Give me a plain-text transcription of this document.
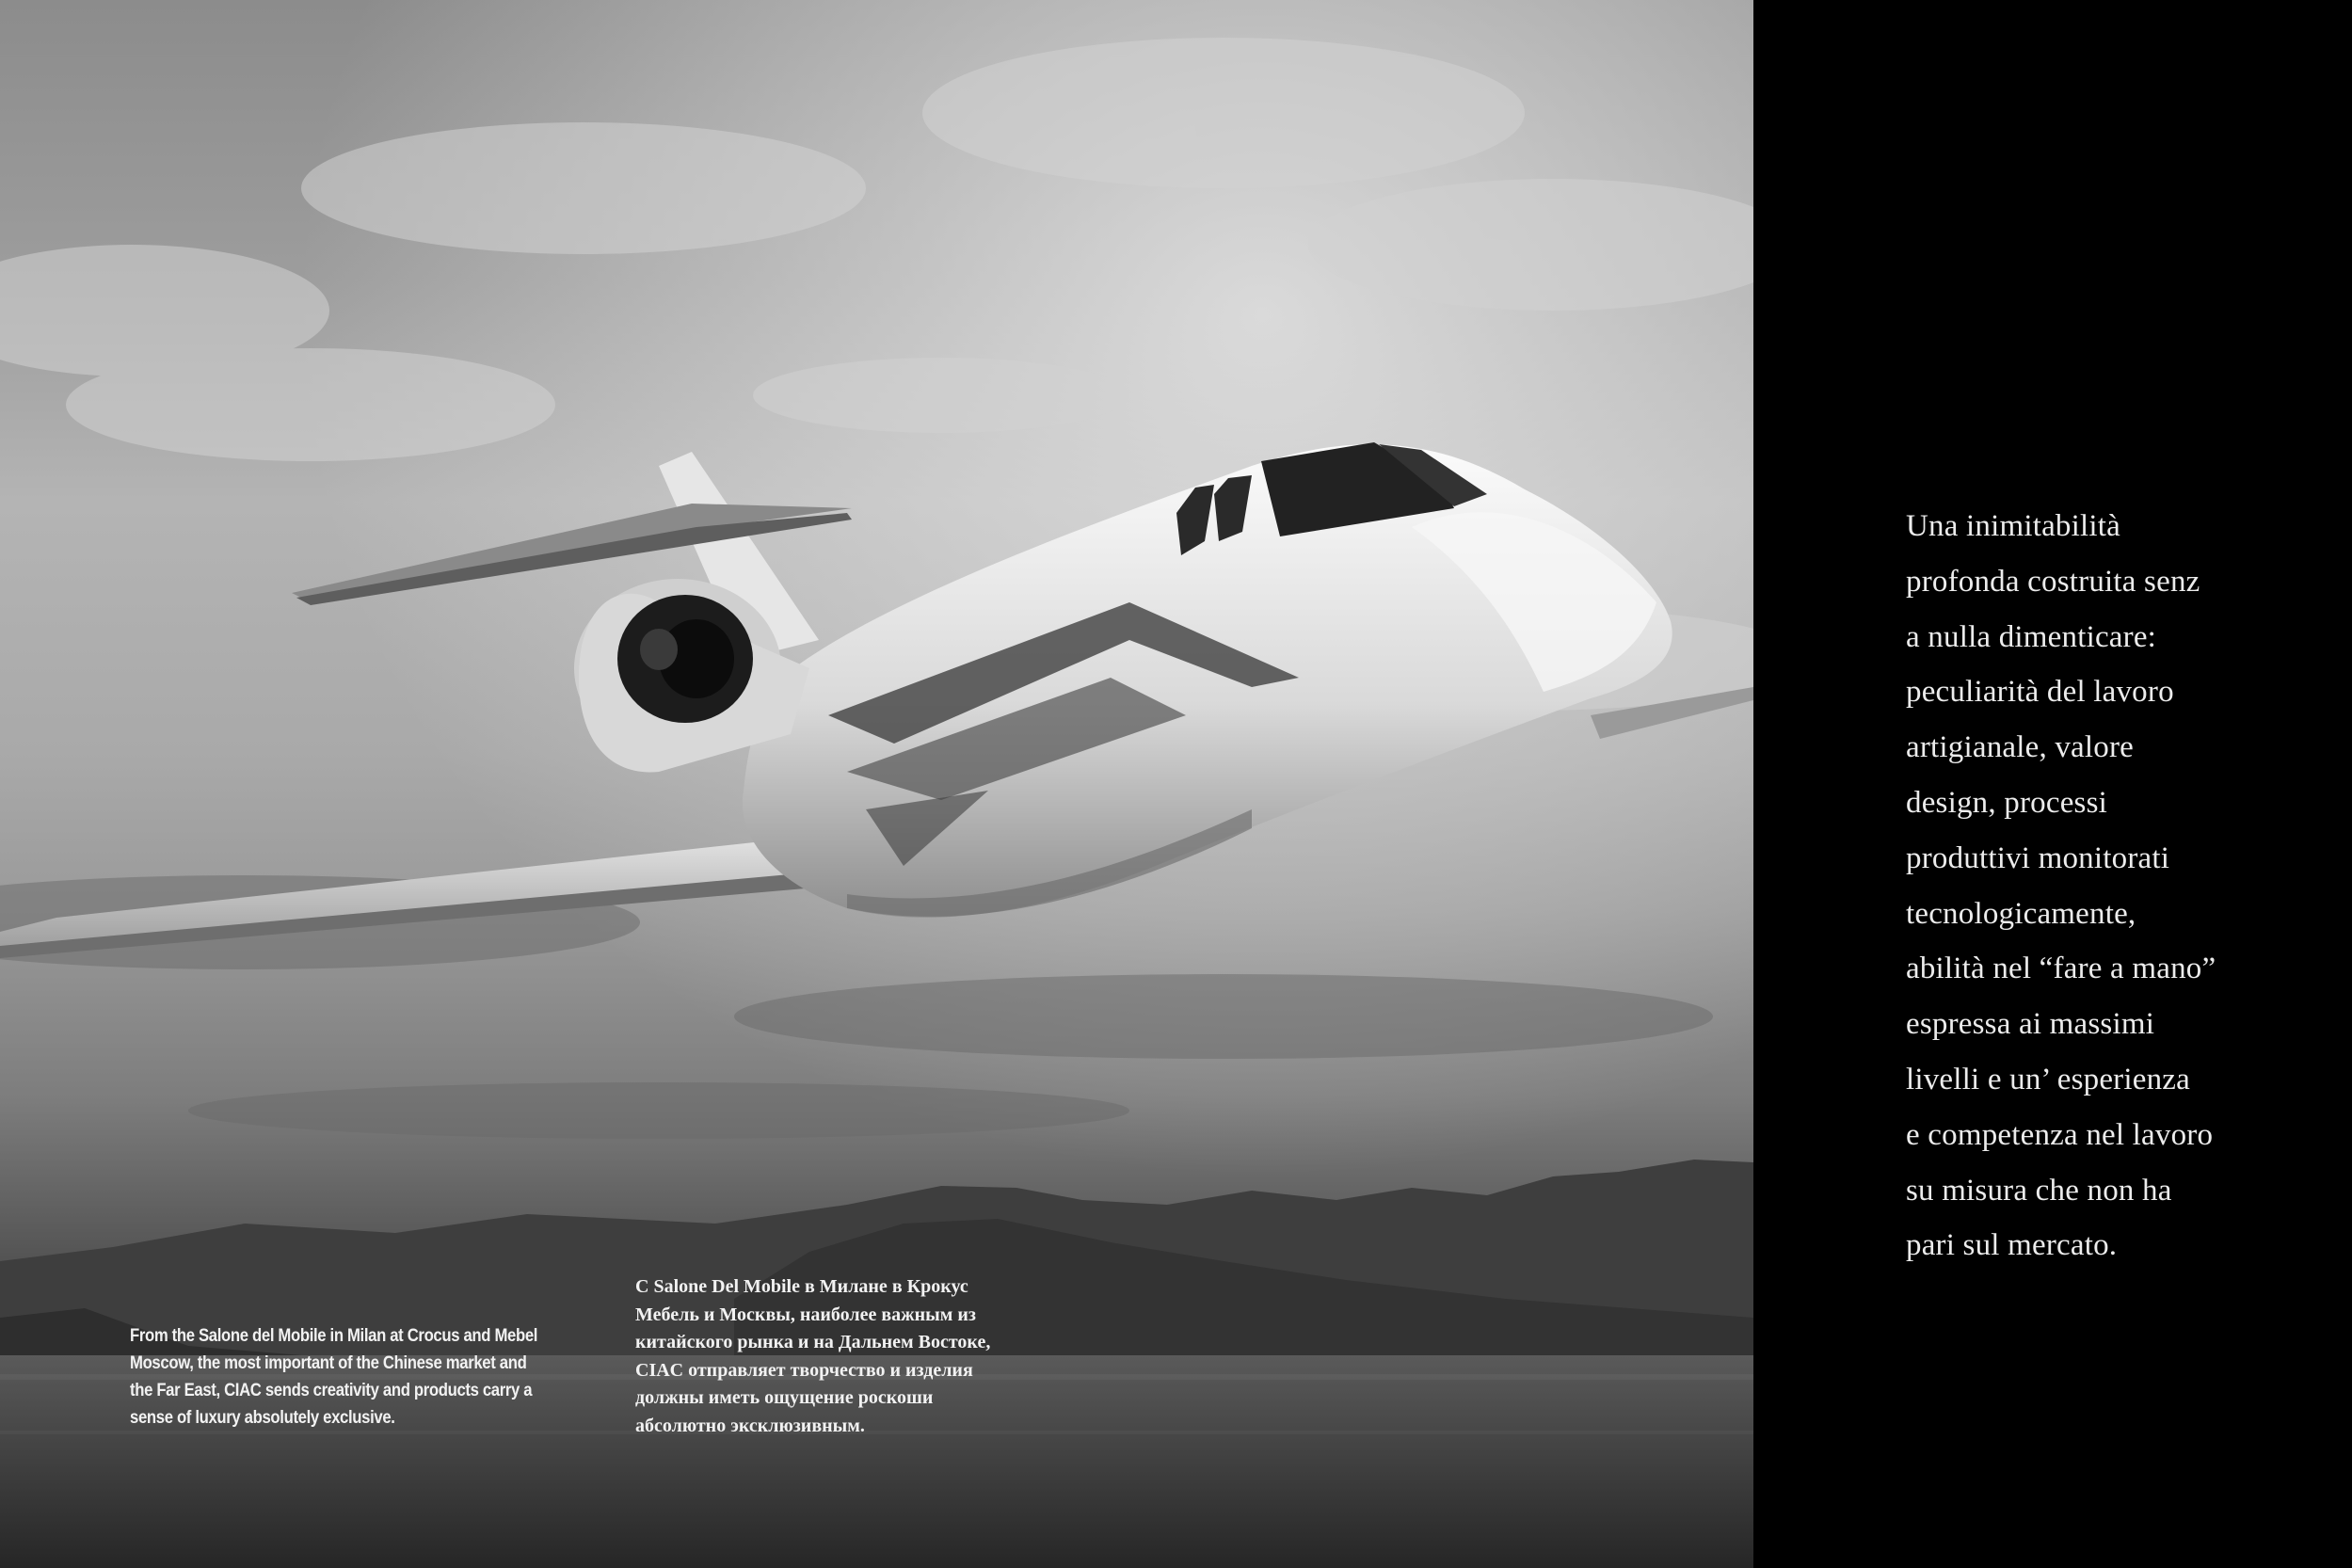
From the Salone del Mobile in Milan at Crocus and Mebel

Moscow, the most important of the Chinese market and

the Far East, CIAC sends creativity and products carry a

sense of luxury absolutely exclusive.

C Salone Del Mobile в Милане в Крокус

Мебель и Москвы, наиболее важным из

китайского рынка и на Дальнем Востоке,

CIAC отправляет творчество и изделия

должны иметь ощущение роскоши

абсолютно эксклюзивным.

Una inimitabilità

profonda costruita senz

a nulla dimenticare:

peculiarità del lavoro

artigianale, valore

design, processi

produttivi monitorati

tecnologicamente,

abilità nel “fare a mano”

espressa ai massimi

livelli e un’ esperienza

e competenza nel lavoro

su misura che non ha

pari sul mercato.
